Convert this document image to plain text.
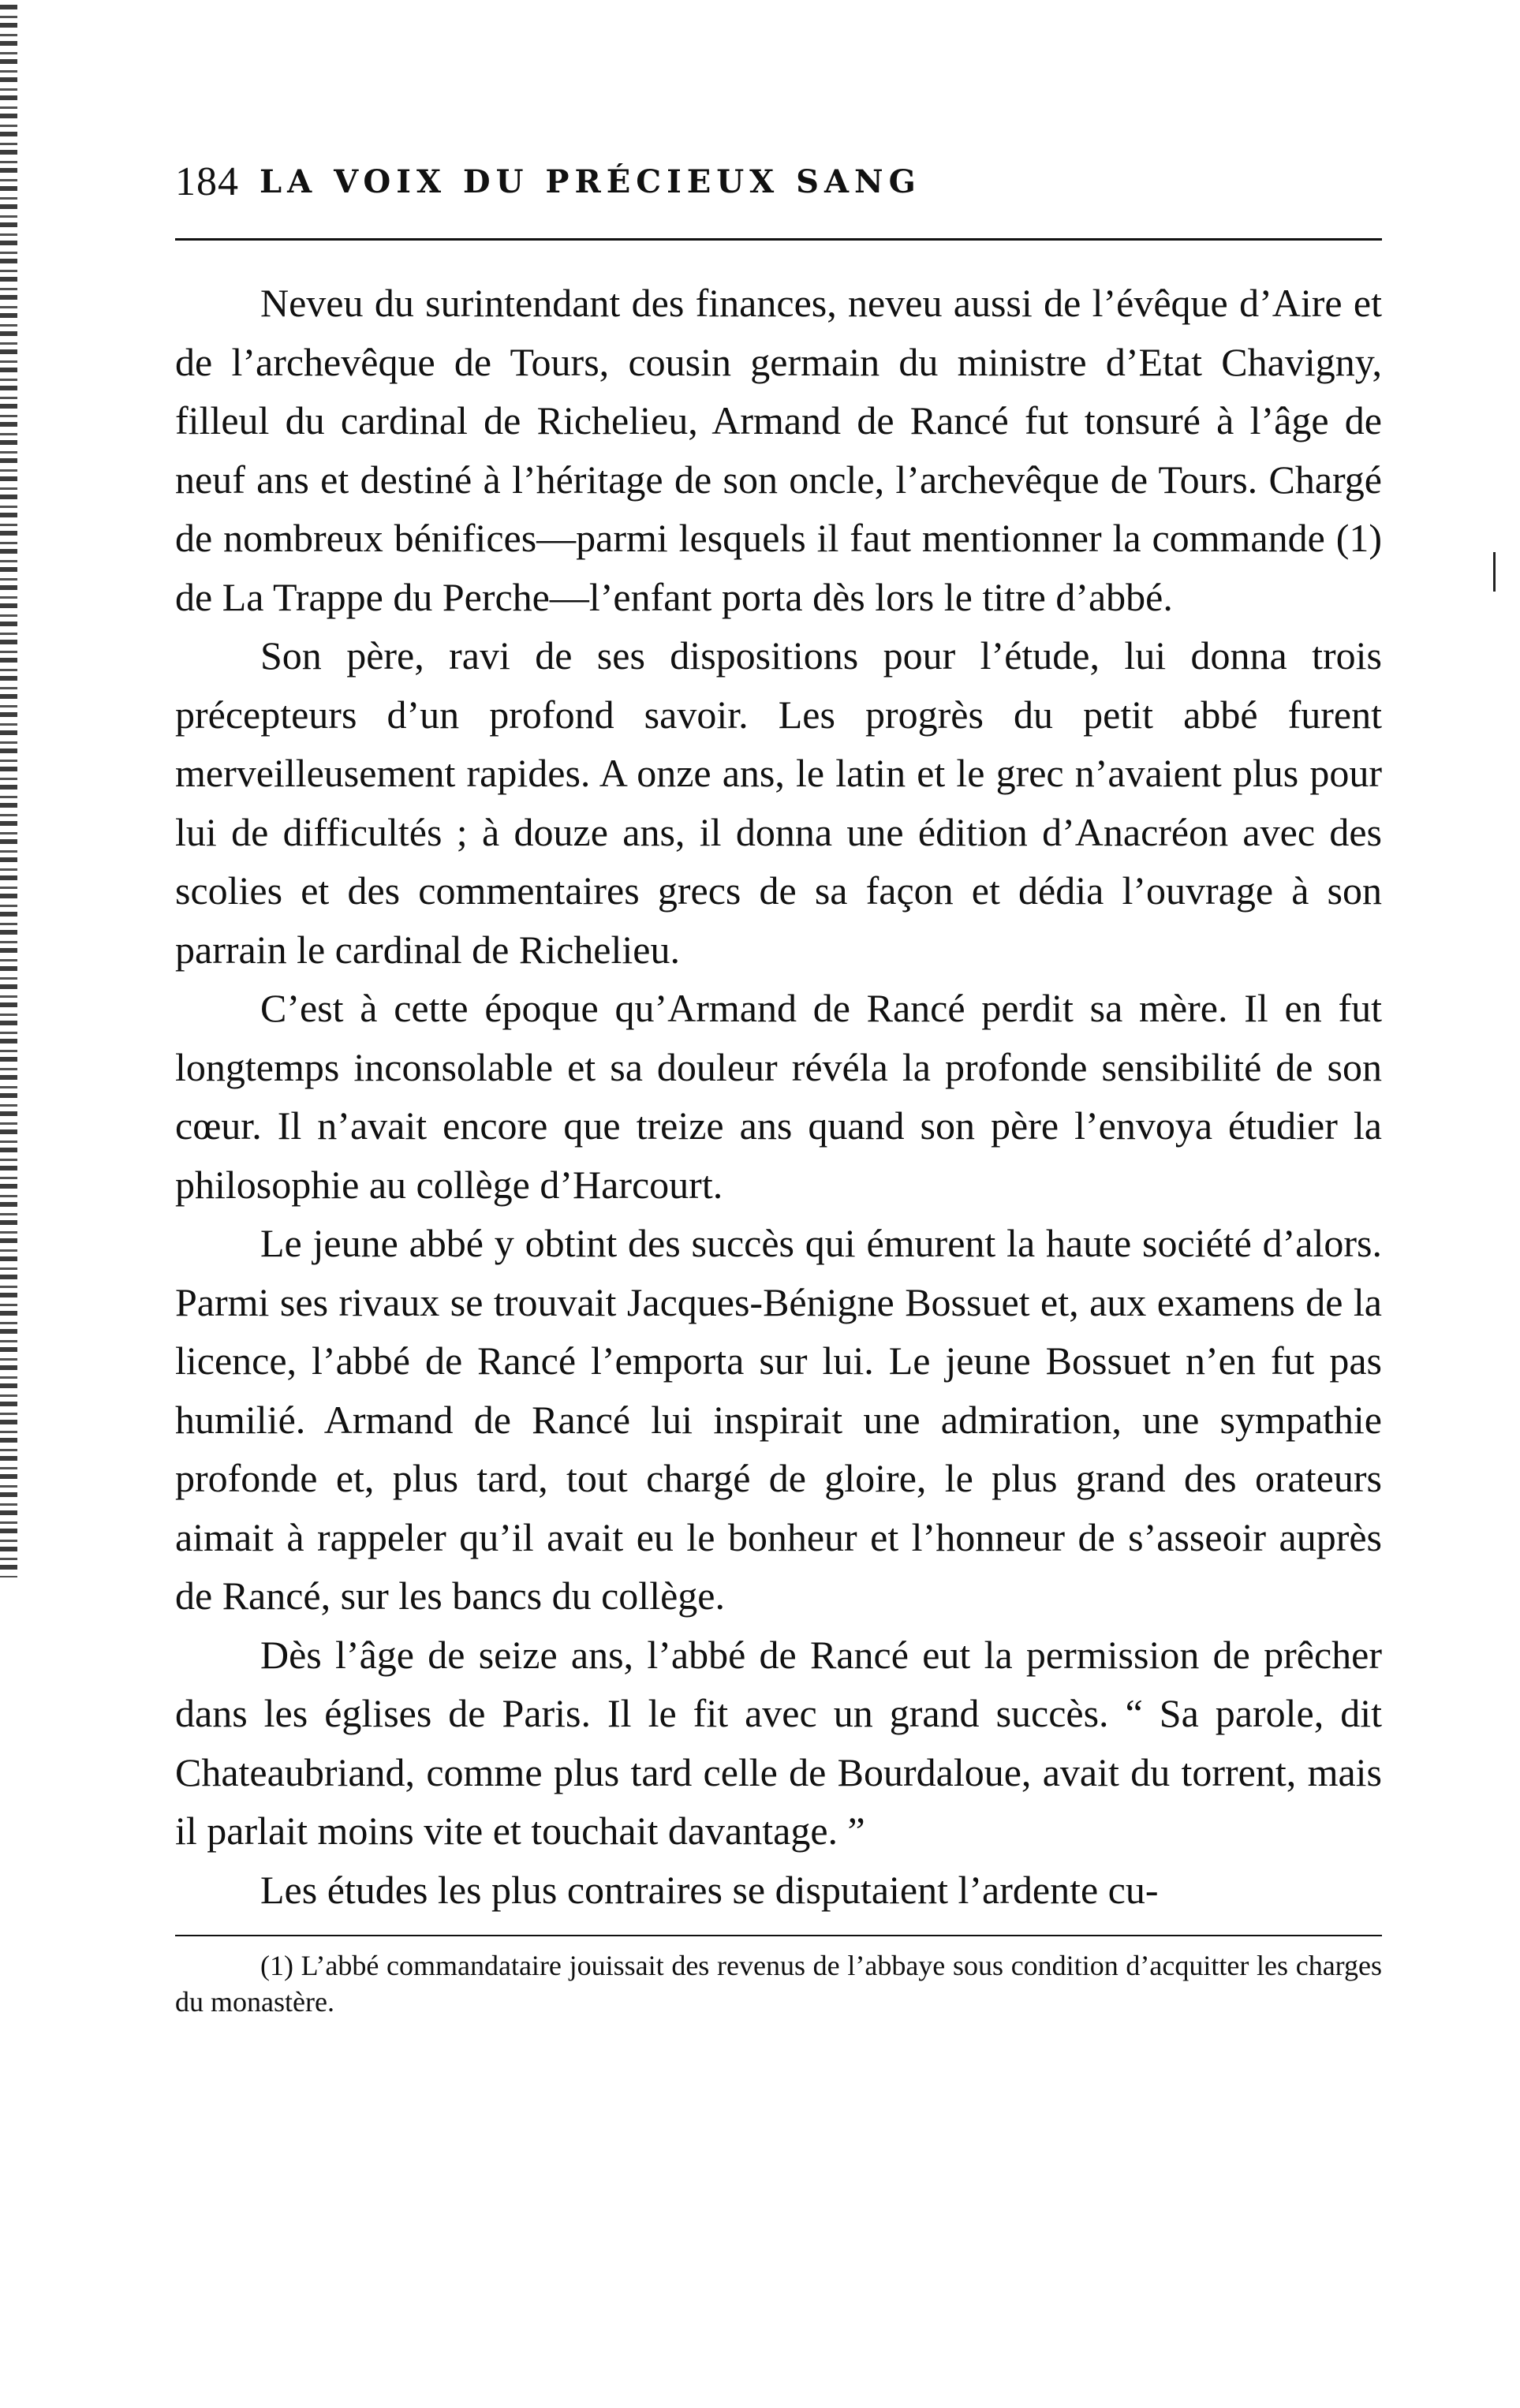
184 LA VOIX DU PRÉCIEUX SANG

Neveu du surintendant des finances, neveu aussi de l’évêque d’Aire et de l’archevêque de Tours, cousin germain du ministre d’Etat Chavigny, filleul du cardinal de Richelieu, Armand de Rancé fut tonsuré à l’âge de neuf ans et destiné à l’héritage de son oncle, l’archevêque de Tours. Chargé de nombreux bénifices—parmi lesquels il faut mentionner la commande (1) de La Trappe du Perche—l’enfant porta dès lors le titre d’abbé.

Son père, ravi de ses dispositions pour l’étude, lui donna trois précepteurs d’un profond savoir. Les progrès du petit abbé furent merveilleusement rapides. A onze ans, le latin et le grec n’avaient plus pour lui de difficultés ; à douze ans, il donna une édition d’Anacréon avec des scolies et des commentaires grecs de sa façon et dédia l’ouvrage à son parrain le cardinal de Richelieu.

C’est à cette époque qu’Armand de Rancé perdit sa mère. Il en fut longtemps inconsolable et sa douleur révéla la profonde sensibilité de son cœur. Il n’avait encore que treize ans quand son père l’envoya étudier la philosophie au collège d’Harcourt.

Le jeune abbé y obtint des succès qui émurent la haute société d’alors. Parmi ses rivaux se trouvait Jacques-Bénigne Bossuet et, aux examens de la licence, l’abbé de Rancé l’emporta sur lui. Le jeune Bossuet n’en fut pas humilié. Armand de Rancé lui inspirait une admiration, une sympathie profonde et, plus tard, tout chargé de gloire, le plus grand des orateurs aimait à rappeler qu’il avait eu le bonheur et l’honneur de s’asseoir auprès de Rancé, sur les bancs du collège.

Dès l’âge de seize ans, l’abbé de Rancé eut la permission de prêcher dans les églises de Paris. Il le fit avec un grand succès. “ Sa parole, dit Chateaubriand, comme plus tard celle de Bourdaloue, avait du torrent, mais il parlait moins vite et touchait davantage. ”

Les études les plus contraires se disputaient l’ardente cu-

(1) L’abbé commandataire jouissait des revenus de l’abbaye sous condition d’acquitter les charges du monastère.
